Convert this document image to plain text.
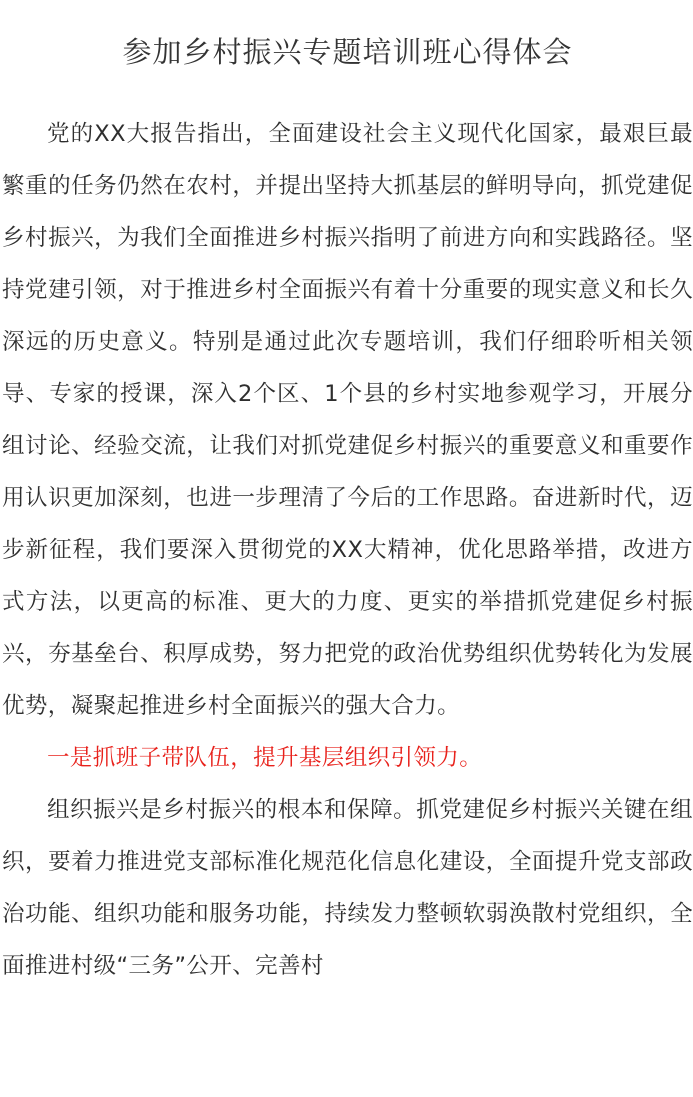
参加乡村振兴专题培训班心得体会

党的XX大报告指出，全面建设社会主义现代化国家，最艰巨最繁重的任务仍然在农村，并提出坚持大抓基层的鲜明导向，抓党建促乡村振兴，为我们全面推进乡村振兴指明了前进方向和实践路径。坚持党建引领，对于推进乡村全面振兴有着十分重要的现实意义和长久深远的历史意义。特别是通过此次专题培训，我们仔细聆听相关领导、专家的授课，深入2个区、1个县的乡村实地参观学习，开展分组讨论、经验交流，让我们对抓党建促乡村振兴的重要意义和重要作用认识更加深刻，也进一步理清了今后的工作思路。奋进新时代，迈步新征程，我们要深入贯彻党的XX大精神，优化思路举措，改进方式方法，以更高的标准、更大的力度、更实的举措抓党建促乡村振兴，夯基垒台、积厚成势，努力把党的政治优势组织优势转化为发展优势，凝聚起推进乡村全面振兴的强大合力。

一是抓班子带队伍，提升基层组织引领力。

组织振兴是乡村振兴的根本和保障。抓党建促乡村振兴关键在组织，要着力推进党支部标准化规范化信息化建设，全面提升党支部政治功能、组织功能和服务功能，持续发力整顿软弱涣散村党组织，全面推进村级“三务”公开、完善村
